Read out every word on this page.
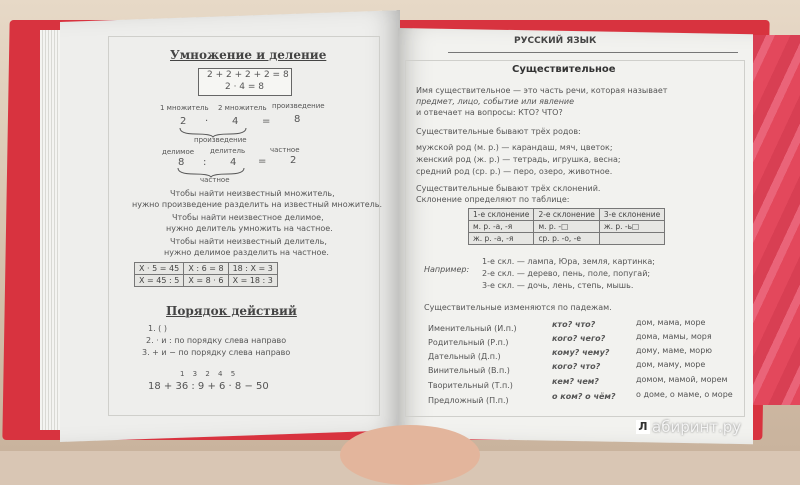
Умножение и деление
2 + 2 + 2 + 2 = 8
2 · 4 = 8
1 множитель 2 множитель произведение
2 · 4 = 8
произведение
делимое делитель	частное
8 : 4 = 2
частное
Чтобы найти неизвестный множитель,
нужно произведение разделить на известный множитель.
Чтобы найти неизвестное делимое,
нужно делитель умножить на частное.
Чтобы найти неизвестный делитель,
нужно делимое разделить на частное.
X · 5 = 45	X : 6 = 8	18 : X = 3
X = 45 : 5	X = 8 · 6	X = 18 : 3
Порядок действий
1. ( )
2. · и : по порядку слева направо
3. + и − по порядку слева направо
1 3 2 4 5
18 + 36 : 9 + 6 · 8 − 50
РУССКИЙ ЯЗЫК
Существительное
Имя существительное — это часть речи, которая называет
предмет, лицо, событие или явление
и отвечает на вопросы: КТО? ЧТО?
Существительные бывают трёх родов:
мужской род (м. р.) — карандаш, мяч, цветок;
женский род (ж. р.) — тетрадь, игрушка, весна;
средний род (ср. р.) — перо, озеро, животное.
Существительные бывают трёх склонений.
Склонение определяют по таблице:
1-е склонение	2-е склонение	3-е склонение
м. р. -а, -я	м. р. -□	ж. р. -ь□
ж. р. -а, -я	ср. р. -о, -е	
Например:
1-е скл. — лампа, Юра, земля, картинка;
2-е скл. — дерево, пень, поле, попугай;
3-е скл. — дочь, лень, степь, мышь.
Существительные изменяются по падежам.
Именительный (И.п.)	кто? что?	дом, мама, море
Родительный (Р.п.)	кого? чего?	дома, мамы, моря
Дательный (Д.п.)	кому? чему?	дому, маме, морю
Винительный (В.п.)	кого? что?	дом, маму, море
Творительный (Т.п.)	кем? чем?	домом, мамой, морем
Предложный (П.п.)	о ком? о чём?	о доме, о маме, о море
Л абиринт.ру
